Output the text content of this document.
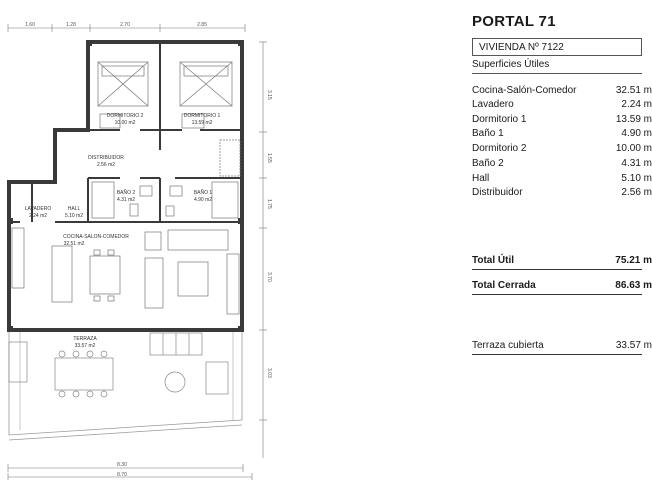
1.60	1.28	2.70	2.85
3.15
1.55
1.75
3.70
3.03
8.30
8.70
DORMITORIO 2
10.00 m2
DORMITORIO 1
13.59 m2
DISTRIBUIDOR
2.56 m2
BAÑO 2
4.31 m2
BAÑO 1
4.90 m2
LAVADERO
2.24 m2
HALL
5.10 m2
COCINA-SALON-COMEDOR
32.51 m2
TERRAZA
33.57 m2
PORTAL 71
VIVIENDA Nº 7122
Superficies Útiles
Cocina-Salón-Comedor	32.51 m
Lavadero	2.24 m
Dormitorio 1	13.59 m
Baño 1	4.90 m
Dormitorio 2	10.00 m
Baño 2	4.31 m
Hall	5.10 m
Distribuidor	2.56 m
Total Útil	75.21 m
Total Cerrada	86.63 m
Terraza cubierta	33.57 m
